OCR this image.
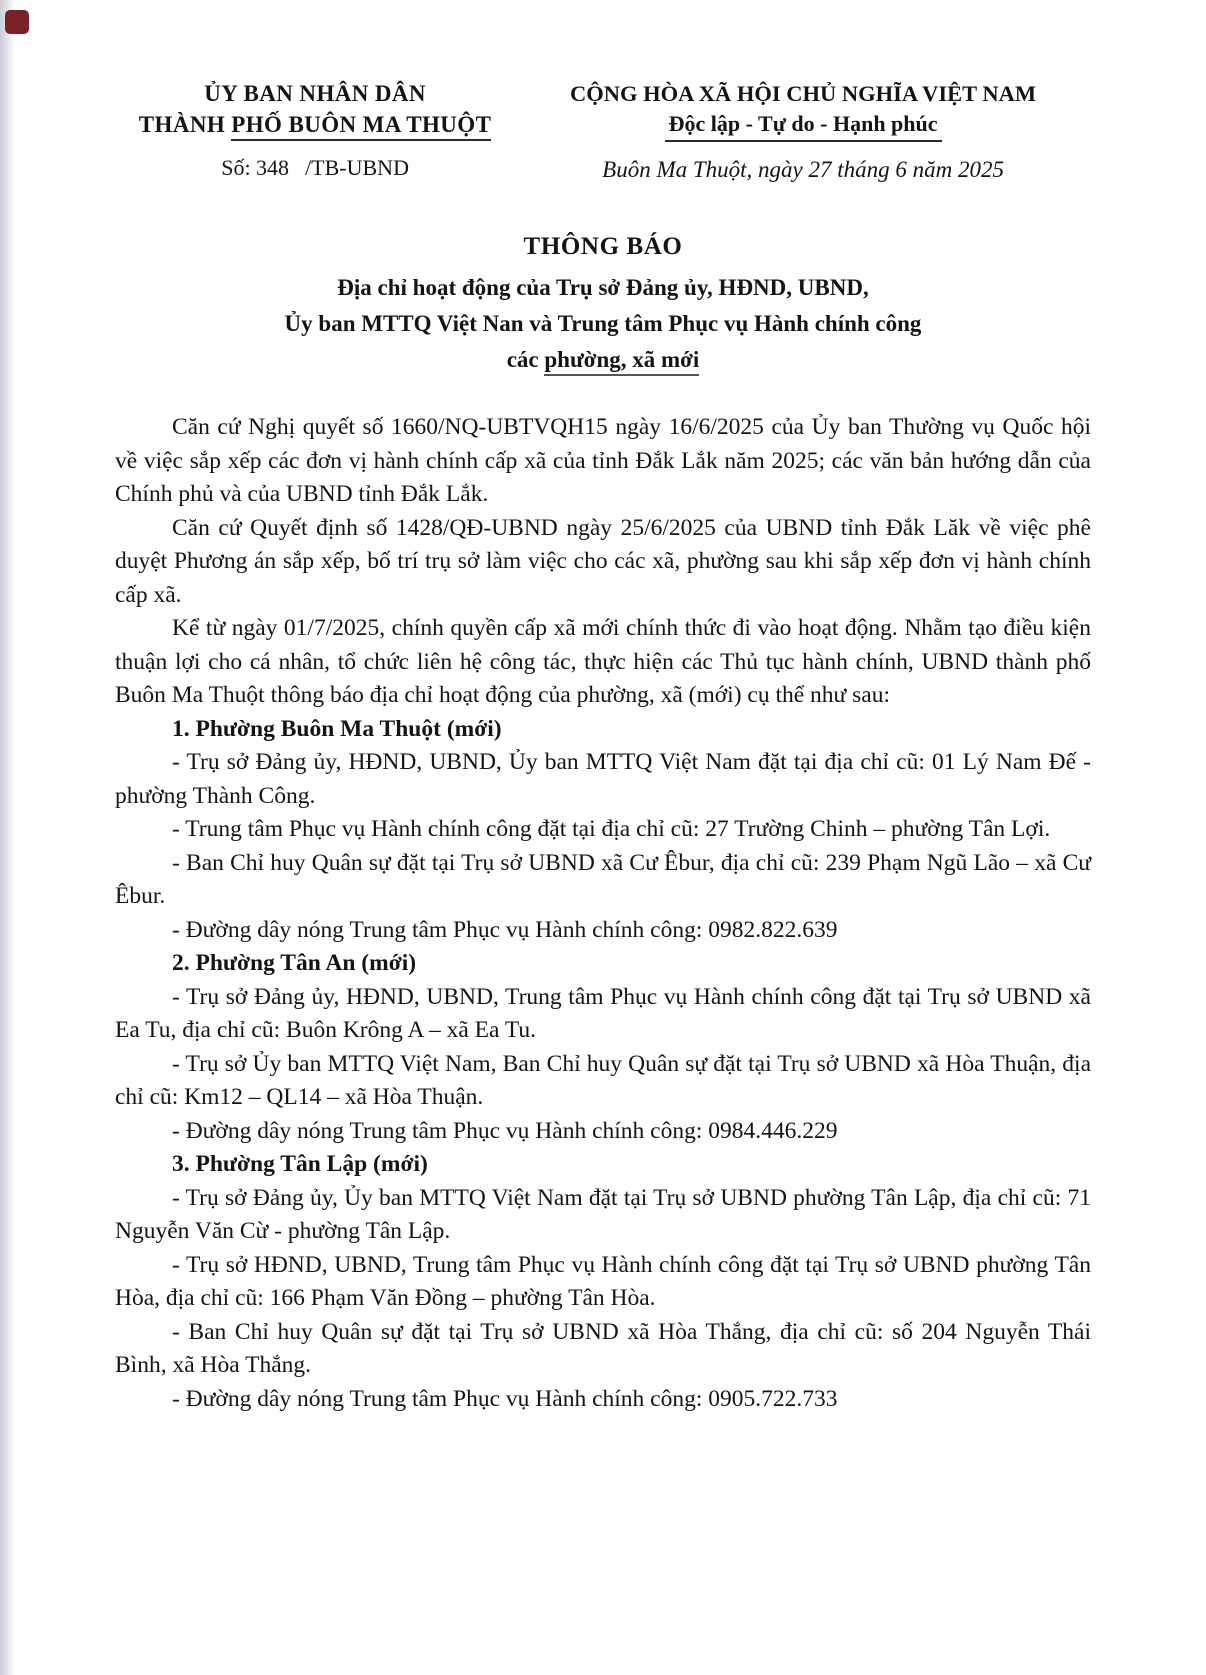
ỦY BAN NHÂN DÂN
THÀNH PHỐ BUÔN MA THUỘT
Số: 348 /TB-UBND
CỘNG HÒA XÃ HỘI CHỦ NGHĨA VIỆT NAM
Độc lập - Tự do - Hạnh phúc
Buôn Ma Thuột, ngày 27 tháng 6 năm 2025
THÔNG BÁO
Địa chỉ hoạt động của Trụ sở Đảng ủy, HĐND, UBND,
Ủy ban MTTQ Việt Nan và Trung tâm Phục vụ Hành chính công
các phường, xã mới

Căn cứ Nghị quyết số 1660/NQ-UBTVQH15 ngày 16/6/2025 của Ủy ban Thường vụ Quốc hội về việc sắp xếp các đơn vị hành chính cấp xã của tỉnh Đắk Lắk năm 2025; các văn bản hướng dẫn của Chính phủ và của UBND tỉnh Đắk Lắk.

Căn cứ Quyết định số 1428/QĐ-UBND ngày 25/6/2025 của UBND tỉnh Đắk Lăk về việc phê duyệt Phương án sắp xếp, bố trí trụ sở làm việc cho các xã, phường sau khi sắp xếp đơn vị hành chính cấp xã.

Kể từ ngày 01/7/2025, chính quyền cấp xã mới chính thức đi vào hoạt động. Nhằm tạo điều kiện thuận lợi cho cá nhân, tổ chức liên hệ công tác, thực hiện các Thủ tục hành chính, UBND thành phố Buôn Ma Thuột thông báo địa chỉ hoạt động của phường, xã (mới) cụ thể như sau:

1. Phường Buôn Ma Thuột (mới)

- Trụ sở Đảng ủy, HĐND, UBND, Ủy ban MTTQ Việt Nam đặt tại địa chỉ cũ: 01 Lý Nam Đế - phường Thành Công.

- Trung tâm Phục vụ Hành chính công đặt tại địa chỉ cũ: 27 Trường Chinh – phường Tân Lợi.

- Ban Chỉ huy Quân sự đặt tại Trụ sở UBND xã Cư Êbur, địa chỉ cũ: 239 Phạm Ngũ Lão – xã Cư Êbur.

- Đường dây nóng Trung tâm Phục vụ Hành chính công: 0982.822.639

2. Phường Tân An (mới)

- Trụ sở Đảng ủy, HĐND, UBND, Trung tâm Phục vụ Hành chính công đặt tại Trụ sở UBND xã Ea Tu, địa chỉ cũ: Buôn Krông A – xã Ea Tu.

- Trụ sở Ủy ban MTTQ Việt Nam, Ban Chỉ huy Quân sự đặt tại Trụ sở UBND xã Hòa Thuận, địa chỉ cũ: Km12 – QL14 – xã Hòa Thuận.

- Đường dây nóng Trung tâm Phục vụ Hành chính công: 0984.446.229

3. Phường Tân Lập (mới)

- Trụ sở Đảng ủy, Ủy ban MTTQ Việt Nam đặt tại Trụ sở UBND phường Tân Lập, địa chỉ cũ: 71 Nguyễn Văn Cừ - phường Tân Lập.

- Trụ sở HĐND, UBND, Trung tâm Phục vụ Hành chính công đặt tại Trụ sở UBND phường Tân Hòa, địa chỉ cũ: 166 Phạm Văn Đồng – phường Tân Hòa.

- Ban Chỉ huy Quân sự đặt tại Trụ sở UBND xã Hòa Thắng, địa chỉ cũ: số 204 Nguyễn Thái Bình, xã Hòa Thắng.

- Đường dây nóng Trung tâm Phục vụ Hành chính công: 0905.722.733
